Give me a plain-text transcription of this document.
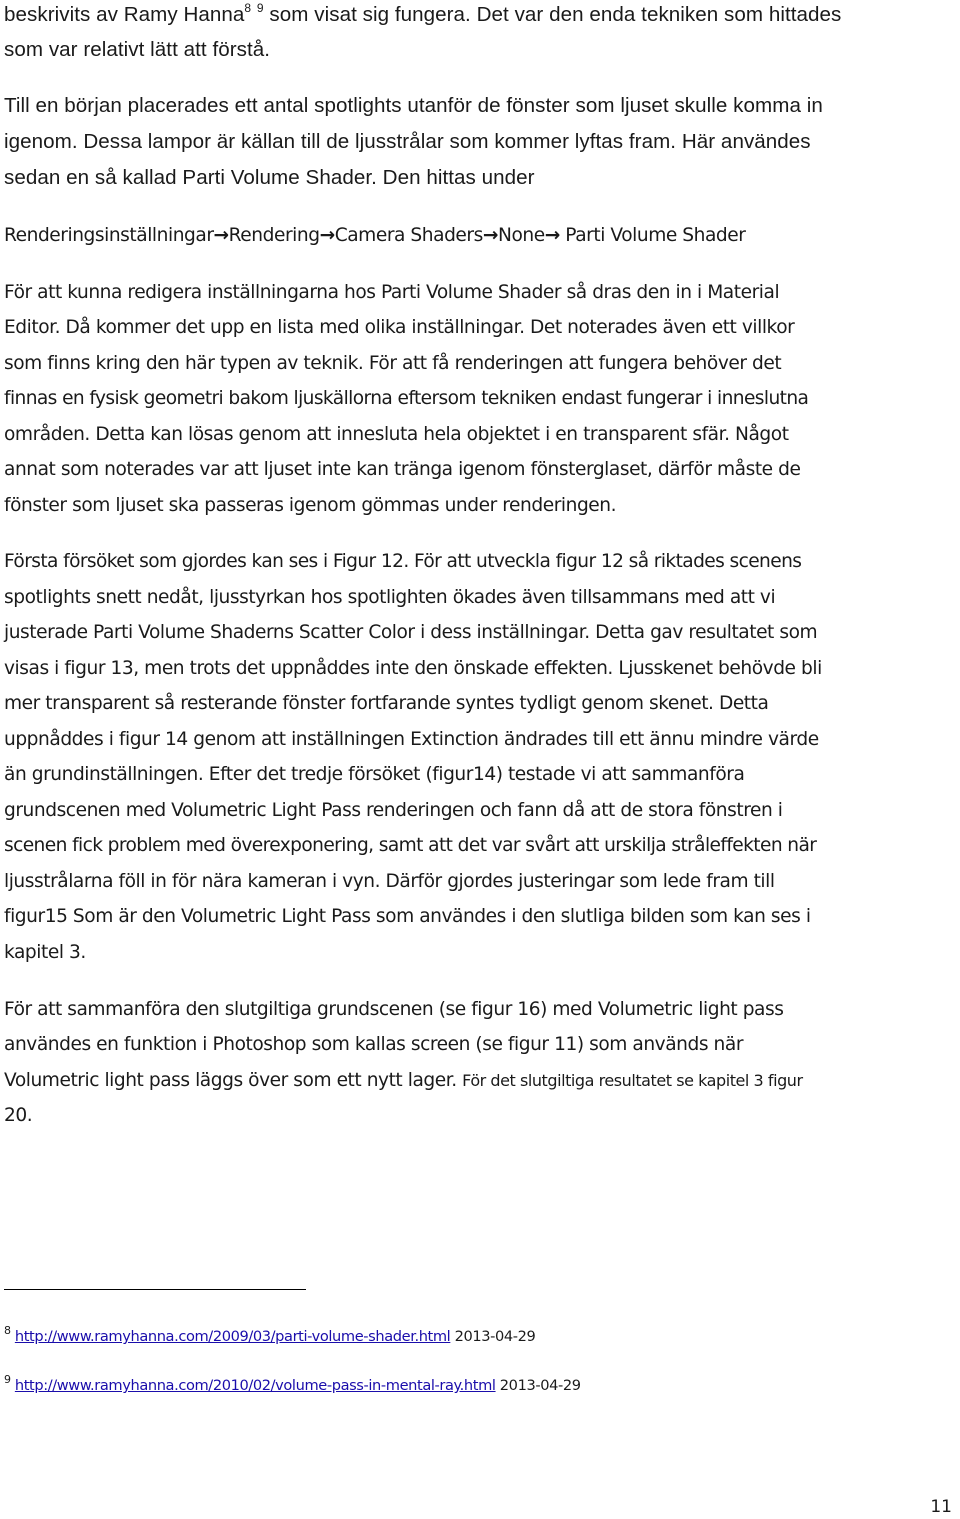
beskrivits av Ramy Hanna$^8$ $^9$ som visat sig fungera. Det var den enda tekniken som hittades

som var relativt lätt att förstå.

Till en början placerades ett antal spotlights utanför de fönster som ljuset skulle komma in

igenom. Dessa lampor är källan till de ljusstrålar som kommer lyftas fram. Här användes

sedan en så kallad Parti Volume Shader. Den hittas under

Renderingsinställningar→Rendering→Camera Shaders→None→ Parti Volume Shader

För att kunna redigera inställningarna hos Parti Volume Shader så dras den in i Material

Editor. Då kommer det upp en lista med olika inställningar. Det noterades även ett villkor

som finns kring den här typen av teknik. För att få renderingen att fungera behöver det

finnas en fysisk geometri bakom ljuskällorna eftersom tekniken endast fungerar i inneslutna

områden. Detta kan lösas genom att innesluta hela objektet i en transparent sfär. Något

annat som noterades var att ljuset inte kan tränga igenom fönsterglaset, därför måste de

fönster som ljuset ska passeras igenom gömmas under renderingen.

Första försöket som gjordes kan ses i Figur 12. För att utveckla figur 12 så riktades scenens

spotlights snett nedåt, ljusstyrkan hos spotlighten ökades även tillsammans med att vi

justerade Parti Volume Shaderns Scatter Color i dess inställningar. Detta gav resultatet som

visas i figur 13, men trots det uppnåddes inte den önskade effekten. Ljusskenet behövde bli

mer transparent så resterande fönster fortfarande syntes tydligt genom skenet. Detta

uppnåddes i figur 14 genom att inställningen Extinction ändrades till ett ännu mindre värde

än grundinställningen. Efter det tredje försöket (figur14) testade vi att sammanföra

grundscenen med Volumetric Light Pass renderingen och fann då att de stora fönstren i

scenen fick problem med överexponering, samt att det var svårt att urskilja stråleffekten när

ljusstrålarna föll in för nära kameran i vyn. Därför gjordes justeringar som lede fram till

figur15 Som är den Volumetric Light Pass som användes i den slutliga bilden som kan ses i

kapitel 3.

För att sammanföra den slutgiltiga grundscenen (se figur 16) med Volumetric light pass

användes en funktion i Photoshop som kallas screen (se figur 11) som används när

Volumetric light pass läggs över som ett nytt lager. För det slutgiltiga resultatet se kapitel 3 figur

20.

$^8$ http://www.ramyhanna.com/2009/03/parti-volume-shader.html 2013-04-29
$^9$ http://www.ramyhanna.com/2010/02/volume-pass-in-mental-ray.html 2013-04-29
11
